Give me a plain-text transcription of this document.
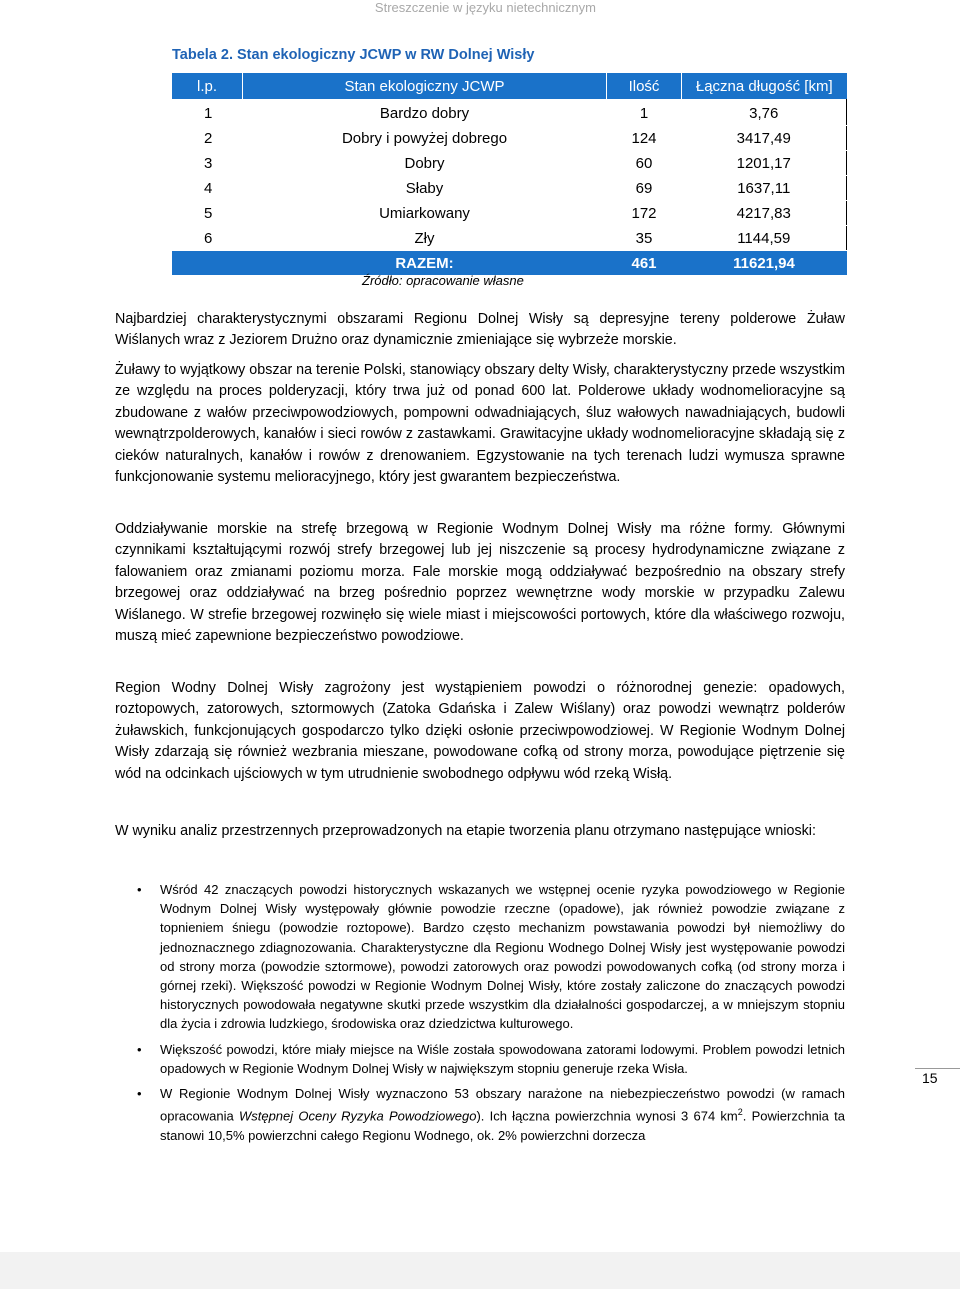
Streszczenie w języku nietechnicznym
Tabela 2. Stan ekologiczny JCWP w RW Dolnej Wisły
l.p.	Stan ekologiczny JCWP	Ilość	Łączna długość [km]
1	Bardzo dobry	1	3,76
2	Dobry i powyżej dobrego	124	3417,49
3	Dobry	60	1201,17
4	Słaby	69	1637,11
5	Umiarkowany	172	4217,83
6	Zły	35	1144,59
	RAZEM:	461	11621,94
Źródło: opracowanie własne

Najbardziej charakterystycznymi obszarami Regionu Dolnej Wisły są depresyjne tereny polderowe Żuław Wiślanych wraz z Jeziorem Drużno oraz dynamicznie zmieniające się wybrzeże morskie.

Żuławy to wyjątkowy obszar na terenie Polski, stanowiący obszary delty Wisły, charakterystyczny przede wszystkim ze względu na proces polderyzacji, który trwa już od ponad 600 lat. Polderowe układy wodnomelioracyjne są zbudowane z wałów przeciwpowodziowych, pompowni odwadniających, śluz wałowych nawadniających, budowli wewnątrzpolderowych, kanałów i sieci rowów z zastawkami. Grawitacyjne układy wodnomelioracyjne składają się z cieków naturalnych, kanałów i rowów z drenowaniem. Egzystowanie na tych terenach ludzi wymusza sprawne funkcjonowanie systemu melioracyjnego, który jest gwarantem bezpieczeństwa.

Oddziaływanie morskie na strefę brzegową w Regionie Wodnym Dolnej Wisły ma różne formy. Głównymi czynnikami kształtującymi rozwój strefy brzegowej lub jej niszczenie są procesy hydrodynamiczne związane z falowaniem oraz zmianami poziomu morza. Fale morskie mogą oddziaływać bezpośrednio na obszary strefy brzegowej oraz oddziaływać na brzeg pośrednio poprzez wewnętrzne wody morskie w przypadku Zalewu Wiślanego. W strefie brzegowej rozwinęło się wiele miast i miejscowości portowych, które dla właściwego rozwoju, muszą mieć zapewnione bezpieczeństwo powodziowe.

Region Wodny Dolnej Wisły zagrożony jest wystąpieniem powodzi o różnorodnej genezie: opadowych, roztopowych, zatorowych, sztormowych (Zatoka Gdańska i Zalew Wiślany) oraz powodzi wewnątrz polderów żuławskich, funkcjonujących gospodarczo tylko dzięki osłonie przeciwpowodziowej. W Regionie Wodnym Dolnej Wisły zdarzają się również wezbrania mieszane, powodowane cofką od strony morza, powodujące piętrzenie się wód na odcinkach ujściowych w tym utrudnienie swobodnego odpływu wód rzeką Wisłą.

W wyniku analiz przestrzennych przeprowadzonych na etapie tworzenia planu otrzymano następujące wnioski:

• Wśród 42 znaczących powodzi historycznych wskazanych we wstępnej ocenie ryzyka powodziowego w Regionie Wodnym Dolnej Wisły występowały głównie powodzie rzeczne (opadowe), jak również powodzie związane z topnieniem śniegu (powodzie roztopowe). Bardzo często mechanizm powstawania powodzi był niemożliwy do jednoznacznego zdiagnozowania. Charakterystyczne dla Regionu Wodnego Dolnej Wisły jest występowanie powodzi od strony morza (powodzie sztormowe), powodzi zatorowych oraz powodzi powodowanych cofką (od strony morza i górnej rzeki). Większość powodzi w Regionie Wodnym Dolnej Wisły, które zostały zaliczone do znaczących powodzi historycznych powodowała negatywne skutki przede wszystkim dla działalności gospodarczej, a w mniejszym stopniu dla życia i zdrowia ludzkiego, środowiska oraz dziedzictwa kulturowego.
• Większość powodzi, które miały miejsce na Wiśle została spowodowana zatorami lodowymi. Problem powodzi letnich opadowych w Regionie Wodnym Dolnej Wisły w największym stopniu generuje rzeka Wisła.
• W Regionie Wodnym Dolnej Wisły wyznaczono 53 obszary narażone na niebezpieczeństwo powodzi (w ramach opracowania Wstępnej Oceny Ryzyka Powodziowego). Ich łączna powierzchnia wynosi 3 674 $km^2$. Powierzchnia ta stanowi 10,5% powierzchni całego Regionu Wodnego, ok. 2% powierzchni dorzecza
15
